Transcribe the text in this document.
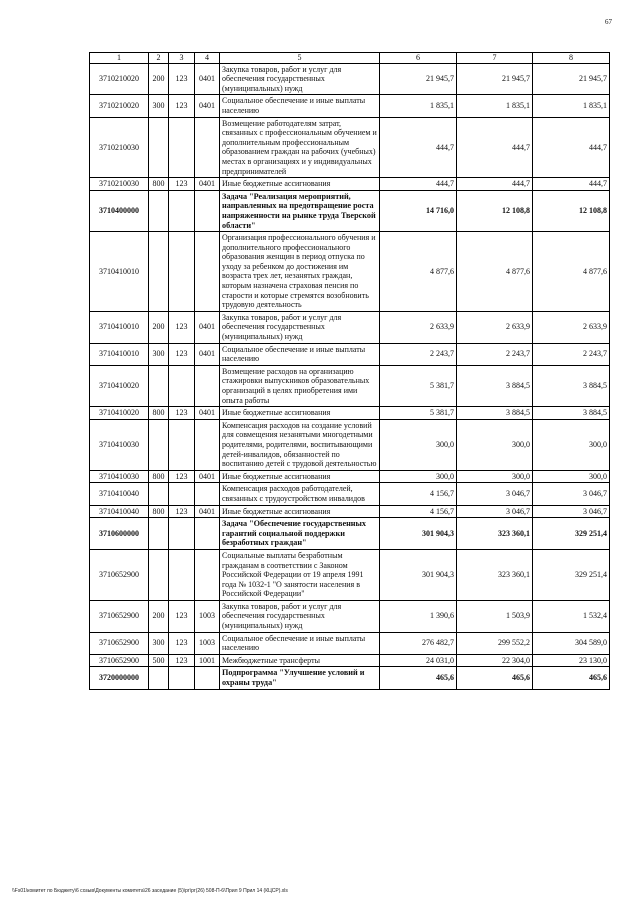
67
1	2	3	4	5	6	7	8
3710210020	200	123	0401	Закупка товаров, работ и услуг для обеспечения государственных (муниципальных) нужд	21 945,7	21 945,7	21 945,7
3710210020	300	123	0401	Социальное обеспечение и иные выплаты населению	1 835,1	1 835,1	1 835,1
3710210030				Возмещение работодателям затрат, связанных с профессиональным обучением и дополнительным профессиональным образованием граждан на рабочих (учебных) местах в организациях и у индивидуальных предпринимателей	444,7	444,7	444,7
3710210030	800	123	0401	Иные бюджетные ассигнования	444,7	444,7	444,7
3710400000				Задача "Реализация мероприятий, направленных на предотвращение роста напряженности на рынке труда Тверской области"	14 716,0	12 108,8	12 108,8
3710410010				Организация профессионального обучения и дополнительного профессионального образования женщин в период отпуска по уходу за ребенком до достижения им возраста трех лет, незанятых граждан, которым назначена страховая пенсия по старости и которые стремятся возобновить трудовую деятельность	4 877,6	4 877,6	4 877,6
3710410010	200	123	0401	Закупка товаров, работ и услуг для обеспечения государственных (муниципальных) нужд	2 633,9	2 633,9	2 633,9
3710410010	300	123	0401	Социальное обеспечение и иные выплаты населению	2 243,7	2 243,7	2 243,7
3710410020				Возмещение расходов на организацию стажировки выпускников образовательных организаций в целях приобретения ими опыта работы	5 381,7	3 884,5	3 884,5
3710410020	800	123	0401	Иные бюджетные ассигнования	5 381,7	3 884,5	3 884,5
3710410030				Компенсация расходов на создание условий для совмещения незанятыми многодетными родителями, родителями, воспитывающими детей-инвалидов, обязанностей по воспитанию детей с трудовой деятельностью	300,0	300,0	300,0
3710410030	800	123	0401	Иные бюджетные ассигнования	300,0	300,0	300,0
3710410040				Компенсация расходов работодателей, связанных с трудоустройством инвалидов	4 156,7	3 046,7	3 046,7
3710410040	800	123	0401	Иные бюджетные ассигнования	4 156,7	3 046,7	3 046,7
3710600000				Задача "Обеспечение государственных гарантий социальной поддержки безработных граждан"	301 904,3	323 360,1	329 251,4
3710652900				Социальные выплаты безработным гражданам в соответствии с Законом Российской Федерации от 19 апреля 1991 года № 1032-1 "О занятости населения в Российской Федерации"	301 904,3	323 360,1	329 251,4
3710652900	200	123	1003	Закупка товаров, работ и услуг для обеспечения государственных (муниципальных) нужд	1 390,6	1 503,9	1 532,4
3710652900	300	123	1003	Социальное обеспечение и иные выплаты населению	276 482,7	299 552,2	304 589,0
3710652900	500	123	1001	Межбюджетные трансферты	24 031,0	22 304,0	23 130,0
3720000000				Подпрограмма "Улучшение условий и охраны труда"	465,6	465,6	465,6
\\Fs01\комитет по Бюджету\6 созыв\Документы комитета\26 заседание (5)\рг\рг(26) 508-П-6\Прил 9 Прил 14 (КЦСР).xls
